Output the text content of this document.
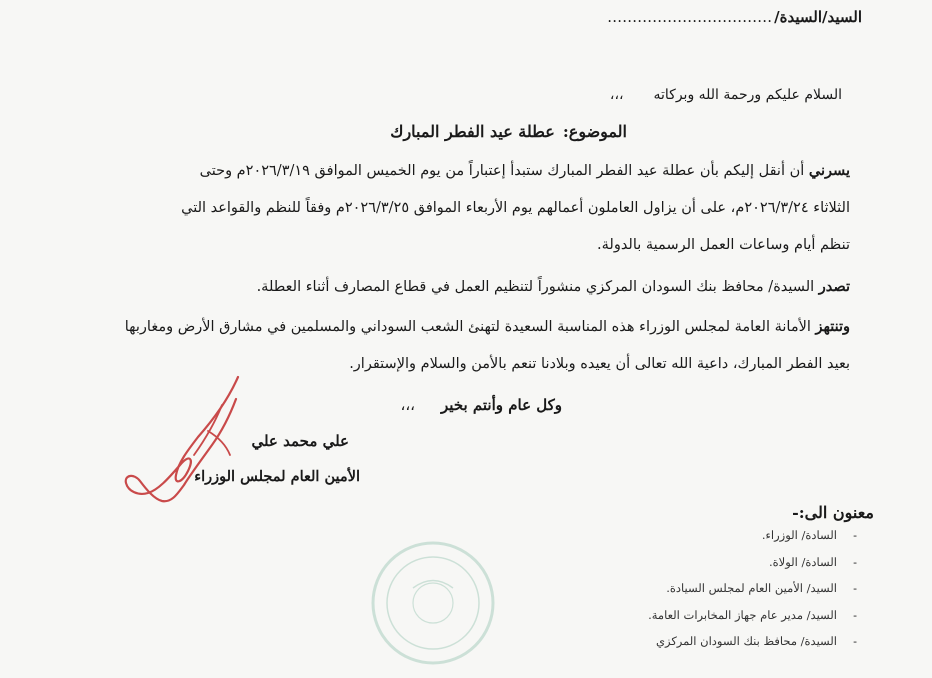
السيد/السيدة/……………………………
السلام عليكم ورحمة الله وبركاته،،،
الموضوع:عطلة عيد الفطر المبارك
يسرني أن أنقل إليكم بأن عطلة عيد الفطر المبارك ستبدأ إعتباراً من يوم الخميس الموافق ٢٠٢٦/٣/١٩م وحتى
الثلاثاء ٢٠٢٦/٣/٢٤م، على أن يزاول العاملون أعمالهم يوم الأربعاء الموافق ٢٠٢٦/٣/٢٥م وفقاً للنظم والقواعد التي
تنظم أيام وساعات العمل الرسمية بالدولة.
تصدر السيدة/ محافظ بنك السودان المركزي منشوراً لتنظيم العمل في قطاع المصارف أثناء العطلة.
وتنتهز الأمانة العامة لمجلس الوزراء هذه المناسبة السعيدة لتهنئ الشعب السوداني والمسلمين في مشارق الأرض ومغاربها
بعيد الفطر المبارك، داعية الله تعالى أن يعيده وبلادنا تنعم بالأمن والسلام والإستقرار.
وكل عام وأنتم بخير،،،
علي محمد علي
الأمين العام لمجلس الوزراء
معنون الى:-
-
السادة/ الوزراء.
-
السادة/ الولاة.
-
السيد/ الأمين العام لمجلس السيادة.
-
السيد/ مدير عام جهاز المخابرات العامة.
-
السيدة/ محافظ بنك السودان المركزي
